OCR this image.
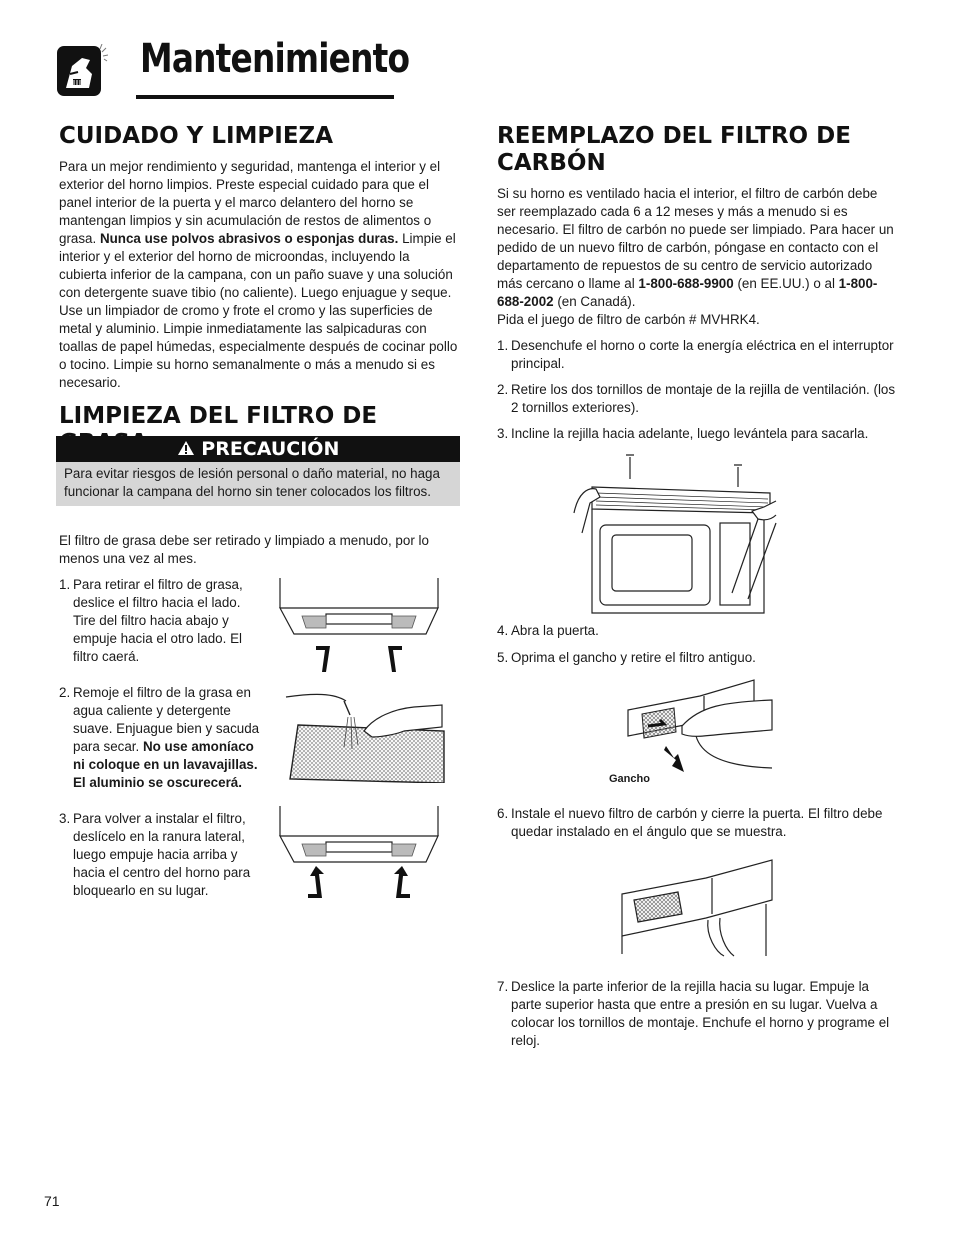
Mantenimiento
CUIDADO Y LIMPIEZA

Para un mejor rendimiento y seguridad, mantenga el interior y el exterior del horno limpios. Preste especial cuidado para que el panel interior de la puerta y el marco delantero del horno se mantengan limpios y sin acumulación de restos de alimentos o grasa. Nunca use polvos abrasivos o esponjas duras. Limpie el interior y el exterior del horno de microondas, incluyendo la cubierta inferior de la campana, con un paño suave y una solución con detergente suave tibio (no caliente). Luego enjuague y seque. Use un limpiador de cromo y frote el cromo y las superficies de metal y aluminio. Limpie inmediatamente las salpicaduras con toallas de papel húmedas, especialmente después de cocinar pollo o tocino. Limpie su horno semanalmente o más a menudo si es necesario.

LIMPIEZA DEL FILTRO DE
PRECAUCIÓN
Para evitar riesgos de lesión personal o daño material, no haga funcionar la campana del horno sin tener colocados los filtros.

El filtro de grasa debe ser retirado y limpiado a menudo, por lo menos una vez al mes.

1. Para retirar el filtro de grasa, deslice el filtro hacia el lado. Tire del filtro hacia abajo y empuje hacia el otro lado. El filtro caerá.
2. Remoje el filtro de la grasa en agua caliente y detergente suave. Enjuague bien y sacuda para secar. No use amoníaco ni coloque en un lavavajillas. El aluminio se oscurecerá.
3. Para volver a instalar el filtro, deslícelo en la ranura lateral, luego empuje hacia arriba y hacia el centro del horno para bloquearlo en su lugar.
REEMPLAZO DEL FILTRO DE
CARBÓN

Si su horno es ventilado hacia el interior, el filtro de carbón debe ser reemplazado cada 6 a 12 meses y más a menudo si es necesario. El filtro de carbón no puede ser limpiado. Para hacer un pedido de un nuevo filtro de carbón, póngase en contacto con el departamento de repuestos de su centro de servicio autorizado más cercano o llame al 1-800-688-9900 (en EE.UU.) o al 1-800-688-2002 (en Canadá).
Pida el juego de filtro de carbón # MVHRK4.

1. Desenchufe el horno o corte la energía eléctrica en el interruptor principal.
2. Retire los dos tornillos de montaje de la rejilla de ventilación. (los 2 tornillos exteriores).
3. Incline la rejilla hacia adelante, luego levántela para sacarla.
4. Abra la puerta.
5. Oprima el gancho y retire el filtro antiguo.
Gancho
6. Instale el nuevo filtro de carbón y cierre la puerta. El filtro debe quedar instalado en el ángulo que se muestra.
7. Deslice la parte inferior de la rejilla hacia su lugar. Empuje la parte superior hasta que entre a presión en su lugar. Vuelva a colocar los tornillos de montaje. Enchufe el horno y programe el reloj.
71
